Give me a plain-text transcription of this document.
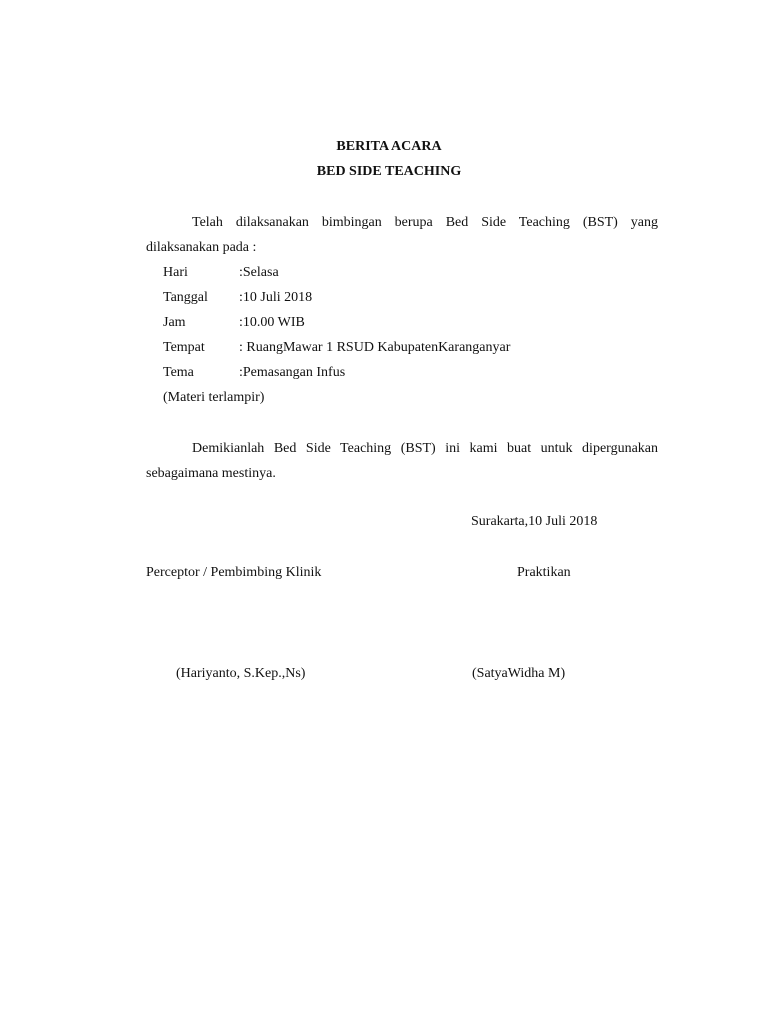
BERITA ACARA
BED SIDE TEACHING
Telah dilaksanakan bimbingan berupa Bed Side Teaching (BST) yang
dilaksanakan pada :
Hari	:Selasa
Tanggal :10 Juli 2018
Jam	:10.00 WIB
Tempat : RuangMawar 1 RSUD KabupatenKaranganyar
Tema	:Pemasangan Infus
(Materi terlampir)
Demikianlah Bed Side Teaching (BST) ini kami buat untuk dipergunakan
sebagaimana mestinya.
Surakarta,10 Juli 2018
Perceptor / Pembimbing Klinik	Praktikan
(Hariyanto, S.Kep.,Ns)	(SatyaWidha M)
